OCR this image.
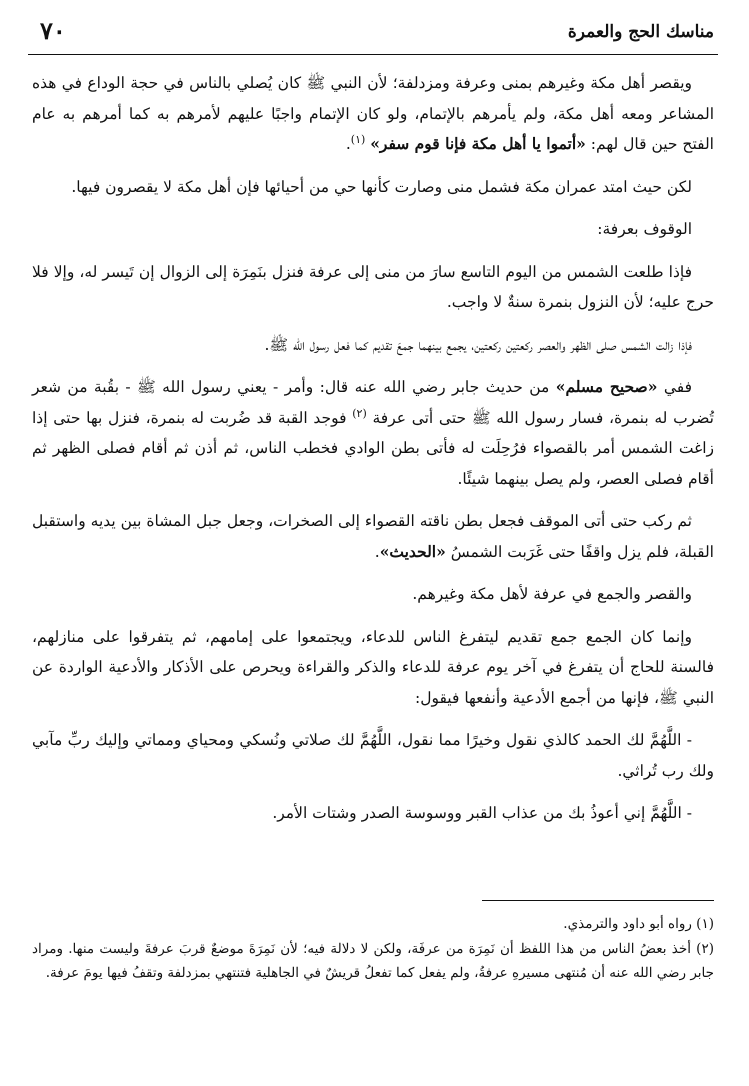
مناسك الحج والعمرة
٧٠

ويقصر أهل مكة وغيرهم بمنى وعرفة ومزدلفة؛ لأن النبي ﷺ كان يُصلي بالناس في حجة الوداع في هذه المشاعر ومعه أهل مكة، ولم يأمرهم بالإتمام، ولو كان الإتمام واجبًا عليهم لأمرهم به كما أمرهم به عام الفتح حين قال لهم: «أتموا يا أهل مكة فإنا قوم سفر» $^{(١)}$.

لكن حيث امتد عمران مكة فشمل منى وصارت كأنها حي من أحيائها فإن أهل مكة لا يقصرون فيها.

الوقوف بعرفة:

فإذا طلعت الشمس من اليوم التاسع سارَ من منى إلى عرفة فنزل بنَمِرَة إلى الزوال إن تَيسر له، وإلا فلا حرج عليه؛ لأن النزول بنمرة سنةٌ لا واجب.

فإذا زالت الشمس صلى الظهر والعصر ركعتين ركعتين، يجمع بينهما جمعَ تقديم كما فعل رسول الله ﷺ.

ففي «صحيح مسلم» من حديث جابر رضي الله عنه قال: وأمر - يعني رسول الله ﷺ - بقُبة من شعر تُضرب له بنمرة، فسار رسول الله ﷺ حتى أتى عرفة $^{(٢)}$ فوجد القبة قد ضُربت له بنمرة، فنزل بها حتى إذا زاغت الشمس أمر بالقصواء فرُحِلَت له فأتى بطن الوادي فخطب الناس، ثم أذن ثم أقام فصلى الظهر ثم أقام فصلى العصر، ولم يصل بينهما شيئًا.

ثم ركب حتى أتى الموقف فجعل بطن ناقته القصواء إلى الصخرات، وجعل جبل المشاة بين يديه واستقبل القبلة، فلم يزل واقفًا حتى غَرَبت الشمسُ «الحديث».

والقصر والجمع في عرفة لأهل مكة وغيرهم.

وإنما كان الجمع جمع تقديم ليتفرغ الناس للدعاء، ويجتمعوا على إمامهم، ثم يتفرقوا على منازلهم، فالسنة للحاج أن يتفرغ في آخر يوم عرفة للدعاء والذكر والقراءة ويحرص على الأذكار والأدعية الواردة عن النبي ﷺ، فإنها من أجمع الأدعية وأنفعها فيقول:

- اللَّهُمَّ لك الحمد كالذي نقول وخيرًا مما نقول، اللَّهُمَّ لك صلاتي ونُسكي ومحياي ومماتي وإليك ربِّ مآبي ولك رب تُراثي.

- اللَّهُمَّ إني أعوذُ بك من عذاب القبر ووسوسة الصدر وشتات الأمر.

(١) رواه أبو داود والترمذي.

(٢) أخذ بعضُ الناس من هذا اللفظ أن نَمِرَة من عرفَة، ولكن لا دلالة فيه؛ لأن نَمِرَةَ موضعٌ قربَ عرفةَ وليست منها. ومراد جابر رضي الله عنه أن مُنتهى مسيرهِ عرفةُ، ولم يفعل كما تفعلُ قريشٌ في الجاهلية فتنتهي بمزدلفة وتقفُ فيها يومَ عرفة.
